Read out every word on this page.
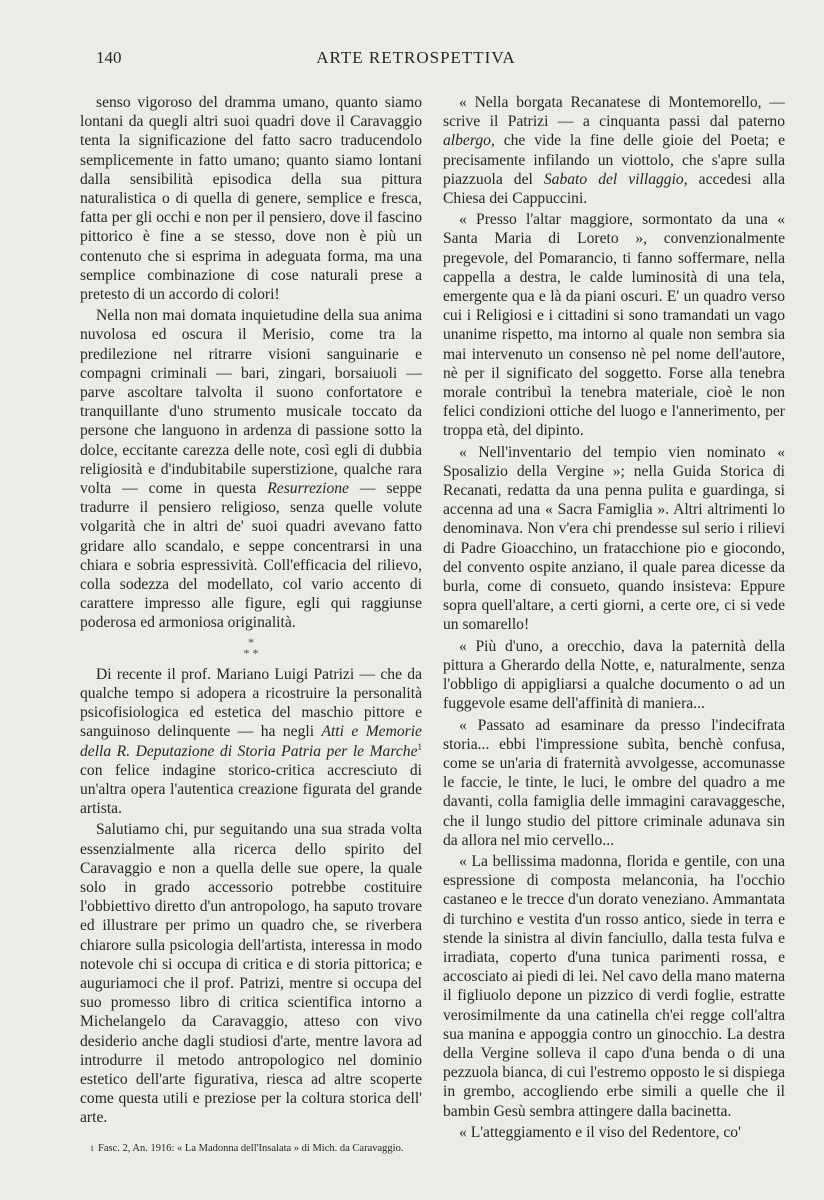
140	ARTE RETROSPETTIVA

senso vigoroso del dramma umano, quanto siamo lontani da quegli altri suoi quadri dove il Caravaggio tenta la significazione del fatto sacro traducendolo semplicemente in fatto umano; quanto siamo lontani dalla sensibilità episodica della sua pittura naturalistica o di quella di genere, semplice e fresca, fatta per gli occhi e non per il pensiero, dove il fascino pittorico è fine a se stesso, dove non è più un contenuto che si esprima in adeguata forma, ma una semplice combinazione di cose naturali prese a pretesto di un accordo di colori!

Nella non mai domata inquietudine della sua anima nuvolosa ed oscura il Merisio, come tra la predilezione nel ritrarre visioni sanguinarie e compagni criminali — bari, zingari, borsaiuoli — parve ascoltare talvolta il suono confortatore e tranquillante d'uno strumento musicale toccato da persone che languono in ardenza di passione sotto la dolce, eccitante carezza delle note, così egli di dubbia religiosità e d'indubitabile superstizione, qualche rara volta — come in questa Resurrezione — seppe tradurre il pensiero religioso, senza quelle volute volgarità che in altri de' suoi quadri avevano fatto gridare allo scandalo, e seppe concentrarsi in una chiara e sobria espressività. Coll'efficacia del rilievo, colla sodezza del modellato, col vario accento di carattere impresso alle figure, egli qui raggiunse poderosa ed armoniosa originalità.

*
* *

Di recente il prof. Mariano Luigi Patrizi — che da qualche tempo si adopera a ricostruire la personalità psicofisiologica ed estetica del maschio pittore e sanguinoso delinquente — ha negli Atti e Memorie della R. Deputazione di Storia Patria per le Marche$^1$ con felice indagine storico-critica accresciuto di un'altra opera l'autentica creazione figurata del grande artista.

Salutiamo chi, pur seguitando una sua strada volta essenzialmente alla ricerca dello spirito del Caravaggio e non a quella delle sue opere, la quale solo in grado accessorio potrebbe costituire l'obbiettivo diretto d'un antropologo, ha saputo trovare ed illustrare per primo un quadro che, se riverbera chiarore sulla psicologia dell'artista, interessa in modo notevole chi si occupa di critica e di storia pittorica; e auguriamoci che il prof. Patrizi, mentre si occupa del suo promesso libro di critica scientifica intorno a Michelangelo da Caravaggio, atteso con vivo desiderio anche dagli studiosi d'arte, mentre lavora ad introdurre il metodo antropologico nel dominio estetico dell'arte figurativa, riesca ad altre scoperte come questa utili e preziose per la coltura storica dell' arte.

1 Fasc. 2, An. 1916: « La Madonna dell'Insalata » di Mich. da Caravaggio.

« Nella borgata Recanatese di Montemorello, — scrive il Patrizi — a cinquanta passi dal paterno albergo, che vide la fine delle gioie del Poeta; e precisamente infilando un viottolo, che s'apre sulla piazzuola del Sabato del villaggio, accedesi alla Chiesa dei Cappuccini.

« Presso l'altar maggiore, sormontato da una « Santa Maria di Loreto », convenzionalmente pregevole, del Pomarancio, ti fanno soffermare, nella cappella a destra, le calde luminosità di una tela, emergente qua e là da piani oscuri. E' un quadro verso cui i Religiosi e i cittadini si sono tramandati un vago unanime rispetto, ma intorno al quale non sembra sia mai intervenuto un consenso nè pel nome dell'autore, nè per il significato del soggetto. Forse alla tenebra morale contribuì la tenebra materiale, cioè le non felici condizioni ottiche del luogo e l'annerimento, per troppa età, del dipinto.

« Nell'inventario del tempio vien nominato « Sposalizio della Vergine »; nella Guida Storica di Recanati, redatta da una penna pulita e guardinga, si accenna ad una « Sacra Famiglia ». Altri altrimenti lo denominava. Non v'era chi prendesse sul serio i rilievi di Padre Gioacchino, un fratacchione pio e giocondo, del convento ospite anziano, il quale parea dicesse da burla, come di consueto, quando insisteva: Eppure sopra quell'altare, a certi giorni, a certe ore, ci si vede un somarello!

« Più d'uno, a orecchio, dava la paternità della pittura a Gherardo della Notte, e, naturalmente, senza l'obbligo di appigliarsi a qualche documento o ad un fuggevole esame dell'affinità di maniera...

« Passato ad esaminare da presso l'indecifrata storia... ebbi l'impressione subìta, benchè confusa, come se un'aria di fraternità avvolgesse, accomunasse le faccie, le tinte, le luci, le ombre del quadro a me davanti, colla famiglia delle immagini caravaggesche, che il lungo studio del pittore criminale adunava sin da allora nel mio cervello...

« La bellissima madonna, florida e gentile, con una espressione di composta melanconia, ha l'occhio castaneo e le trecce d'un dorato veneziano. Ammantata di turchino e vestita d'un rosso antico, siede in terra e stende la sinistra al divin fanciullo, dalla testa fulva e irradiata, coperto d'una tunica parimenti rossa, e accosciato ai piedi di lei. Nel cavo della mano materna il figliuolo depone un pizzico di verdi foglie, estratte verosimilmente da una catinella ch'ei regge coll'altra sua manina e appoggia contro un ginocchio. La destra della Vergine solleva il capo d'una benda o di una pezzuola bianca, di cui l'estremo opposto le si dispiega in grembo, accogliendo erbe simili a quelle che il bambin Gesù sembra attingere dalla bacinetta.

« L'atteggiamento e il viso del Redentore, co'
